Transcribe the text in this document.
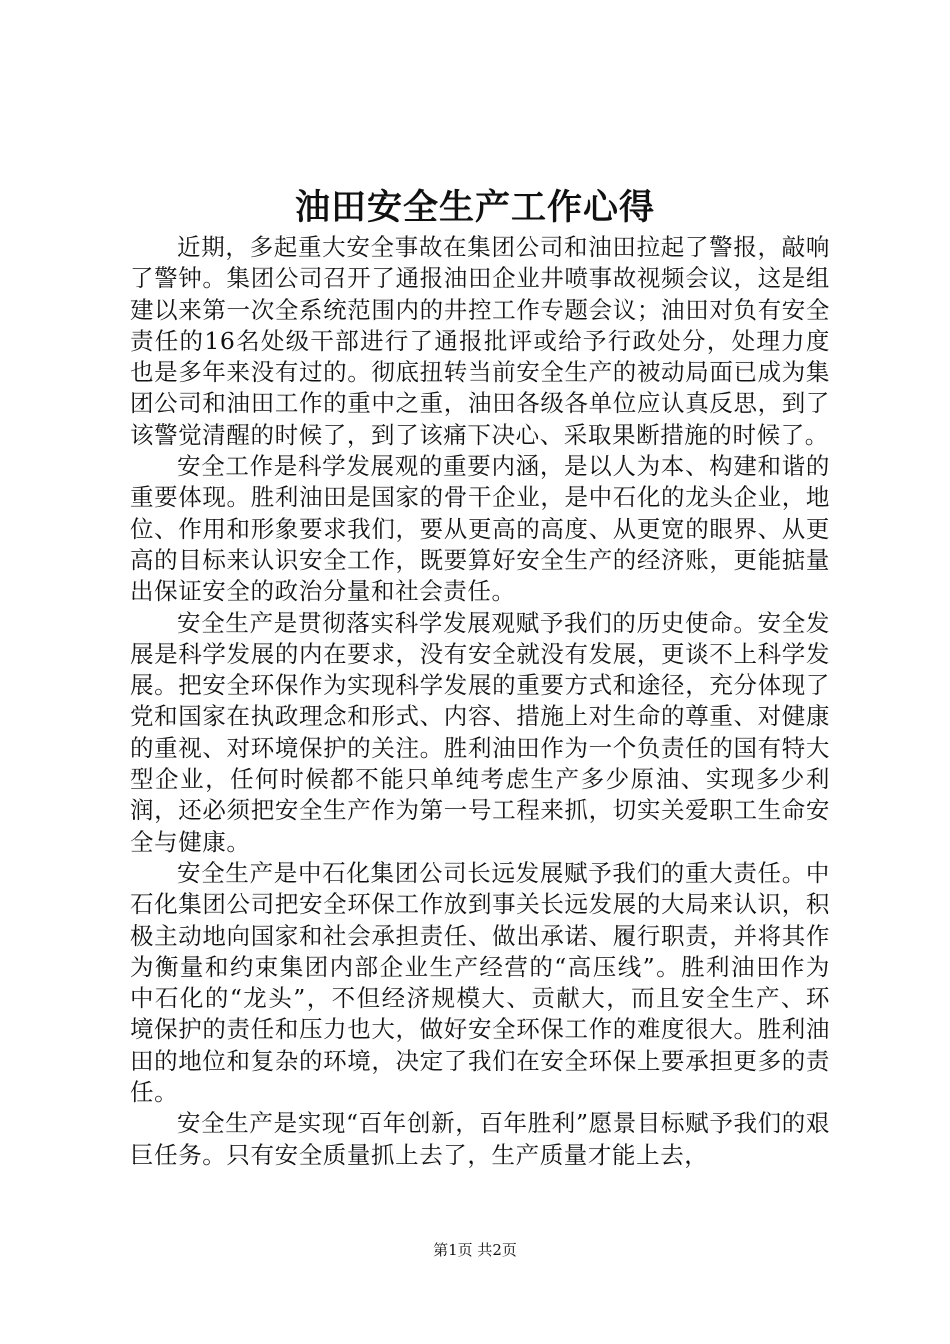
油田安全生产工作心得

近期，多起重大安全事故在集团公司和油田拉起了警报，敲响了警钟。集团公司召开了通报油田企业井喷事故视频会议，这是组建以来第一次全系统范围内的井控工作专题会议；油田对负有安全责任的16名处级干部进行了通报批评或给予行政处分，处理力度也是多年来没有过的。彻底扭转当前安全生产的被动局面已成为集团公司和油田工作的重中之重，油田各级各单位应认真反思，到了该警觉清醒的时候了，到了该痛下决心、采取果断措施的时候了。

安全工作是科学发展观的重要内涵，是以人为本、构建和谐的重要体现。胜利油田是国家的骨干企业，是中石化的龙头企业，地位、作用和形象要求我们，要从更高的高度、从更宽的眼界、从更高的目标来认识安全工作，既要算好安全生产的经济账，更能掂量出保证安全的政治分量和社会责任。

安全生产是贯彻落实科学发展观赋予我们的历史使命。安全发展是科学发展的内在要求，没有安全就没有发展，更谈不上科学发展。把安全环保作为实现科学发展的重要方式和途径，充分体现了党和国家在执政理念和形式、内容、措施上对生命的尊重、对健康的重视、对环境保护的关注。胜利油田作为一个负责任的国有特大型企业，任何时候都不能只单纯考虑生产多少原油、实现多少利润，还必须把安全生产作为第一号工程来抓，切实关爱职工生命安全与健康。

安全生产是中石化集团公司长远发展赋予我们的重大责任。中石化集团公司把安全环保工作放到事关长远发展的大局来认识，积极主动地向国家和社会承担责任、做出承诺、履行职责，并将其作为衡量和约束集团内部企业生产经营的“高压线”。胜利油田作为中石化的“龙头”，不但经济规模大、贡献大，而且安全生产、环境保护的责任和压力也大，做好安全环保工作的难度很大。胜利油田的地位和复杂的环境，决定了我们在安全环保上要承担更多的责任。

安全生产是实现“百年创新，百年胜利”愿景目标赋予我们的艰巨任务。只有安全质量抓上去了，生产质量才能上去，

第1页 共2页
